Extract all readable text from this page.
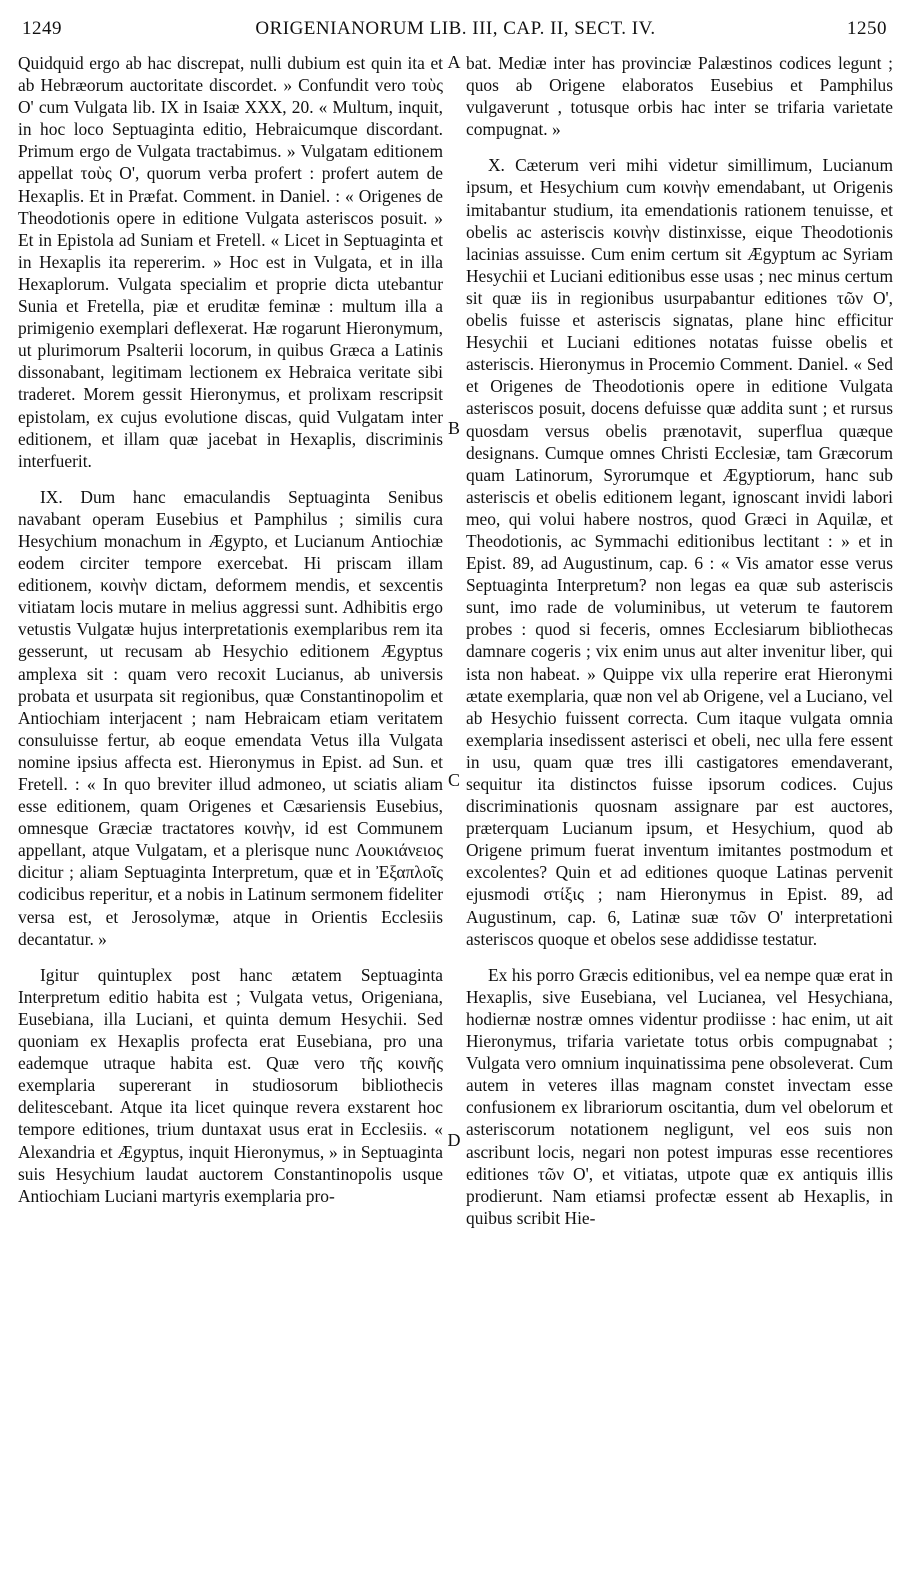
1249	ORIGENIANORUM LIB. III, CAP. II, SECT. IV.	1250

Quidquid ergo ab hac discrepat, nulli dubium est quin ita et ab Hebræorum auctoritate discordet. » Confundit vero τοὺς Ο' cum Vulgata lib. IX in Isaiæ XXX, 20. « Multum, inquit, in hoc loco Septuaginta editio, Hebraicumque discordant. Primum ergo de Vulgata tractabimus. » Vulgatam editionem appellat τοὺς Ο', quorum verba profert : profert autem de Hexaplis. Et in Præfat. Comment. in Daniel. : « Origenes de Theodotionis opere in editione Vulgata asteriscos posuit. » Et in Epistola ad Suniam et Fretell. « Licet in Septuaginta et in Hexaplis ita repererim. » Hoc est in Vulgata, et in illa Hexaplorum. Vulgata specialim et proprie dicta utebantur Sunia et Fretella, piæ et eruditæ feminæ : multum illa a primigenio exemplari deflexerat. Hæ rogarunt Hieronymum, ut plurimorum Psalterii locorum, in quibus Græca a Latinis dissonabant, legitimam lectionem ex Hebraica veritate sibi traderet. Morem gessit Hieronymus, et prolixam rescripsit epistolam, ex cujus evolutione discas, quid Vulgatam inter editionem, et illam quæ jacebat in Hexaplis, discriminis interfuerit.

IX. Dum hanc emaculandis Septuaginta Senibus navabant operam Eusebius et Pamphilus ; similis cura Hesychium monachum in Ægypto, et Lucianum Antiochiæ eodem circiter tempore exercebat. Hi priscam illam editionem, κοινὴν dictam, deformem mendis, et sexcentis vitiatam locis mutare in melius aggressi sunt. Adhibitis ergo vetustis Vulgatæ hujus interpretationis exemplaribus rem ita gesserunt, ut recusam ab Hesychio editionem Ægyptus amplexa sit : quam vero recoxit Lucianus, ab universis probata et usurpata sit regionibus, quæ Constantinopolim et Antiochiam interjacent ; nam Hebraicam etiam veritatem consuluisse fertur, ab eoque emendata Vetus illa Vulgata nomine ipsius affecta est. Hieronymus in Epist. ad Sun. et Fretell. : « In quo breviter illud admoneo, ut sciatis aliam esse editionem, quam Origenes et Cæsariensis Eusebius, omnesque Græciæ tractatores κοινὴν, id est Communem appellant, atque Vulgatam, et a plerisque nunc Λουκιάνειος dicitur ; aliam Septuaginta Interpretum, quæ et in Ἐξαπλοῖς codicibus reperitur, et a nobis in Latinum sermonem fideliter versa est, et Jerosolymæ, atque in Orientis Ecclesiis decantatur. »

Igitur quintuplex post hanc ætatem Septuaginta Interpretum editio habita est ; Vulgata vetus, Origeniana, Eusebiana, illa Luciani, et quinta demum Hesychii. Sed quoniam ex Hexaplis profecta erat Eusebiana, pro una eademque utraque habita est. Quæ vero τῆς κοινῆς exemplaria supererant in studiosorum bibliothecis delitescebant. Atque ita licet quinque revera exstarent hoc tempore editiones, trium duntaxat usus erat in Ecclesiis. « Alexandria et Ægyptus, inquit Hieronymus, » in Septuaginta suis Hesychium laudat auctorem Constantinopolis usque Antiochiam Luciani martyris exemplaria pro-

A
B
C
D

bat. Mediæ inter has provinciæ Palæstinos codices legunt ; quos ab Origene elaboratos Eusebius et Pamphilus vulgaverunt , totusque orbis hac inter se trifaria varietate compugnat. »

X. Cæterum veri mihi videtur simillimum, Lucianum ipsum, et Hesychium cum κοινὴν emendabant, ut Origenis imitabantur studium, ita emendationis rationem tenuisse, et obelis ac asteriscis κοινὴν distinxisse, eique Theodotionis lacinias assuisse. Cum enim certum sit Ægyptum ac Syriam Hesychii et Luciani editionibus esse usas ; nec minus certum sit quæ iis in regionibus usurpabantur editiones τῶν Ο', obelis fuisse et asteriscis signatas, plane hinc efficitur Hesychii et Luciani editiones notatas fuisse obelis et asteriscis. Hieronymus in Procemio Comment. Daniel. « Sed et Origenes de Theodotionis opere in editione Vulgata asteriscos posuit, docens defuisse quæ addita sunt ; et rursus quosdam versus obelis prænotavit, superflua quæque designans. Cumque omnes Christi Ecclesiæ, tam Græcorum quam Latinorum, Syrorumque et Ægyptiorum, hanc sub asteriscis et obelis editionem legant, ignoscant invidi labori meo, qui volui habere nostros, quod Græci in Aquilæ, et Theodotionis, ac Symmachi editionibus lectitant : » et in Epist. 89, ad Augustinum, cap. 6 : « Vis amator esse verus Septuaginta Interpretum? non legas ea quæ sub asteriscis sunt, imo rade de voluminibus, ut veterum te fautorem probes : quod si feceris, omnes Ecclesiarum bibliothecas damnare cogeris ; vix enim unus aut alter invenitur liber, qui ista non habeat. » Quippe vix ulla reperire erat Hieronymi ætate exemplaria, quæ non vel ab Origene, vel a Luciano, vel ab Hesychio fuissent correcta. Cum itaque vulgata omnia exemplaria insedissent asterisci et obeli, nec ulla fere essent in usu, quam quæ tres illi castigatores emendaverant, sequitur ita distinctos fuisse ipsorum codices. Cujus discriminationis quosnam assignare par est auctores, præterquam Lucianum ipsum, et Hesychium, quod ab Origene primum fuerat inventum imitantes postmodum et excolentes? Quin et ad editiones quoque Latinas pervenit ejusmodi στίξις ; nam Hieronymus in Epist. 89, ad Augustinum, cap. 6, Latinæ suæ τῶν Ο' interpretationi asteriscos quoque et obelos sese addidisse testatur.

Ex his porro Græcis editionibus, vel ea nempe quæ erat in Hexaplis, sive Eusebiana, vel Lucianea, vel Hesychiana, hodiernæ nostræ omnes videntur prodiisse : hac enim, ut ait Hieronymus, trifaria varietate totus orbis compugnabat ; Vulgata vero omnium inquinatissima pene obsoleverat. Cum autem in veteres illas magnam constet invectam esse confusionem ex librariorum oscitantia, dum vel obelorum et asteriscorum notationem negligunt, vel eos suis non ascribunt locis, negari non potest impuras esse recentiores editiones τῶν Ο', et vitiatas, utpote quæ ex antiquis illis prodierunt. Nam etiamsi profectæ essent ab Hexaplis, in quibus scribit Hie-
